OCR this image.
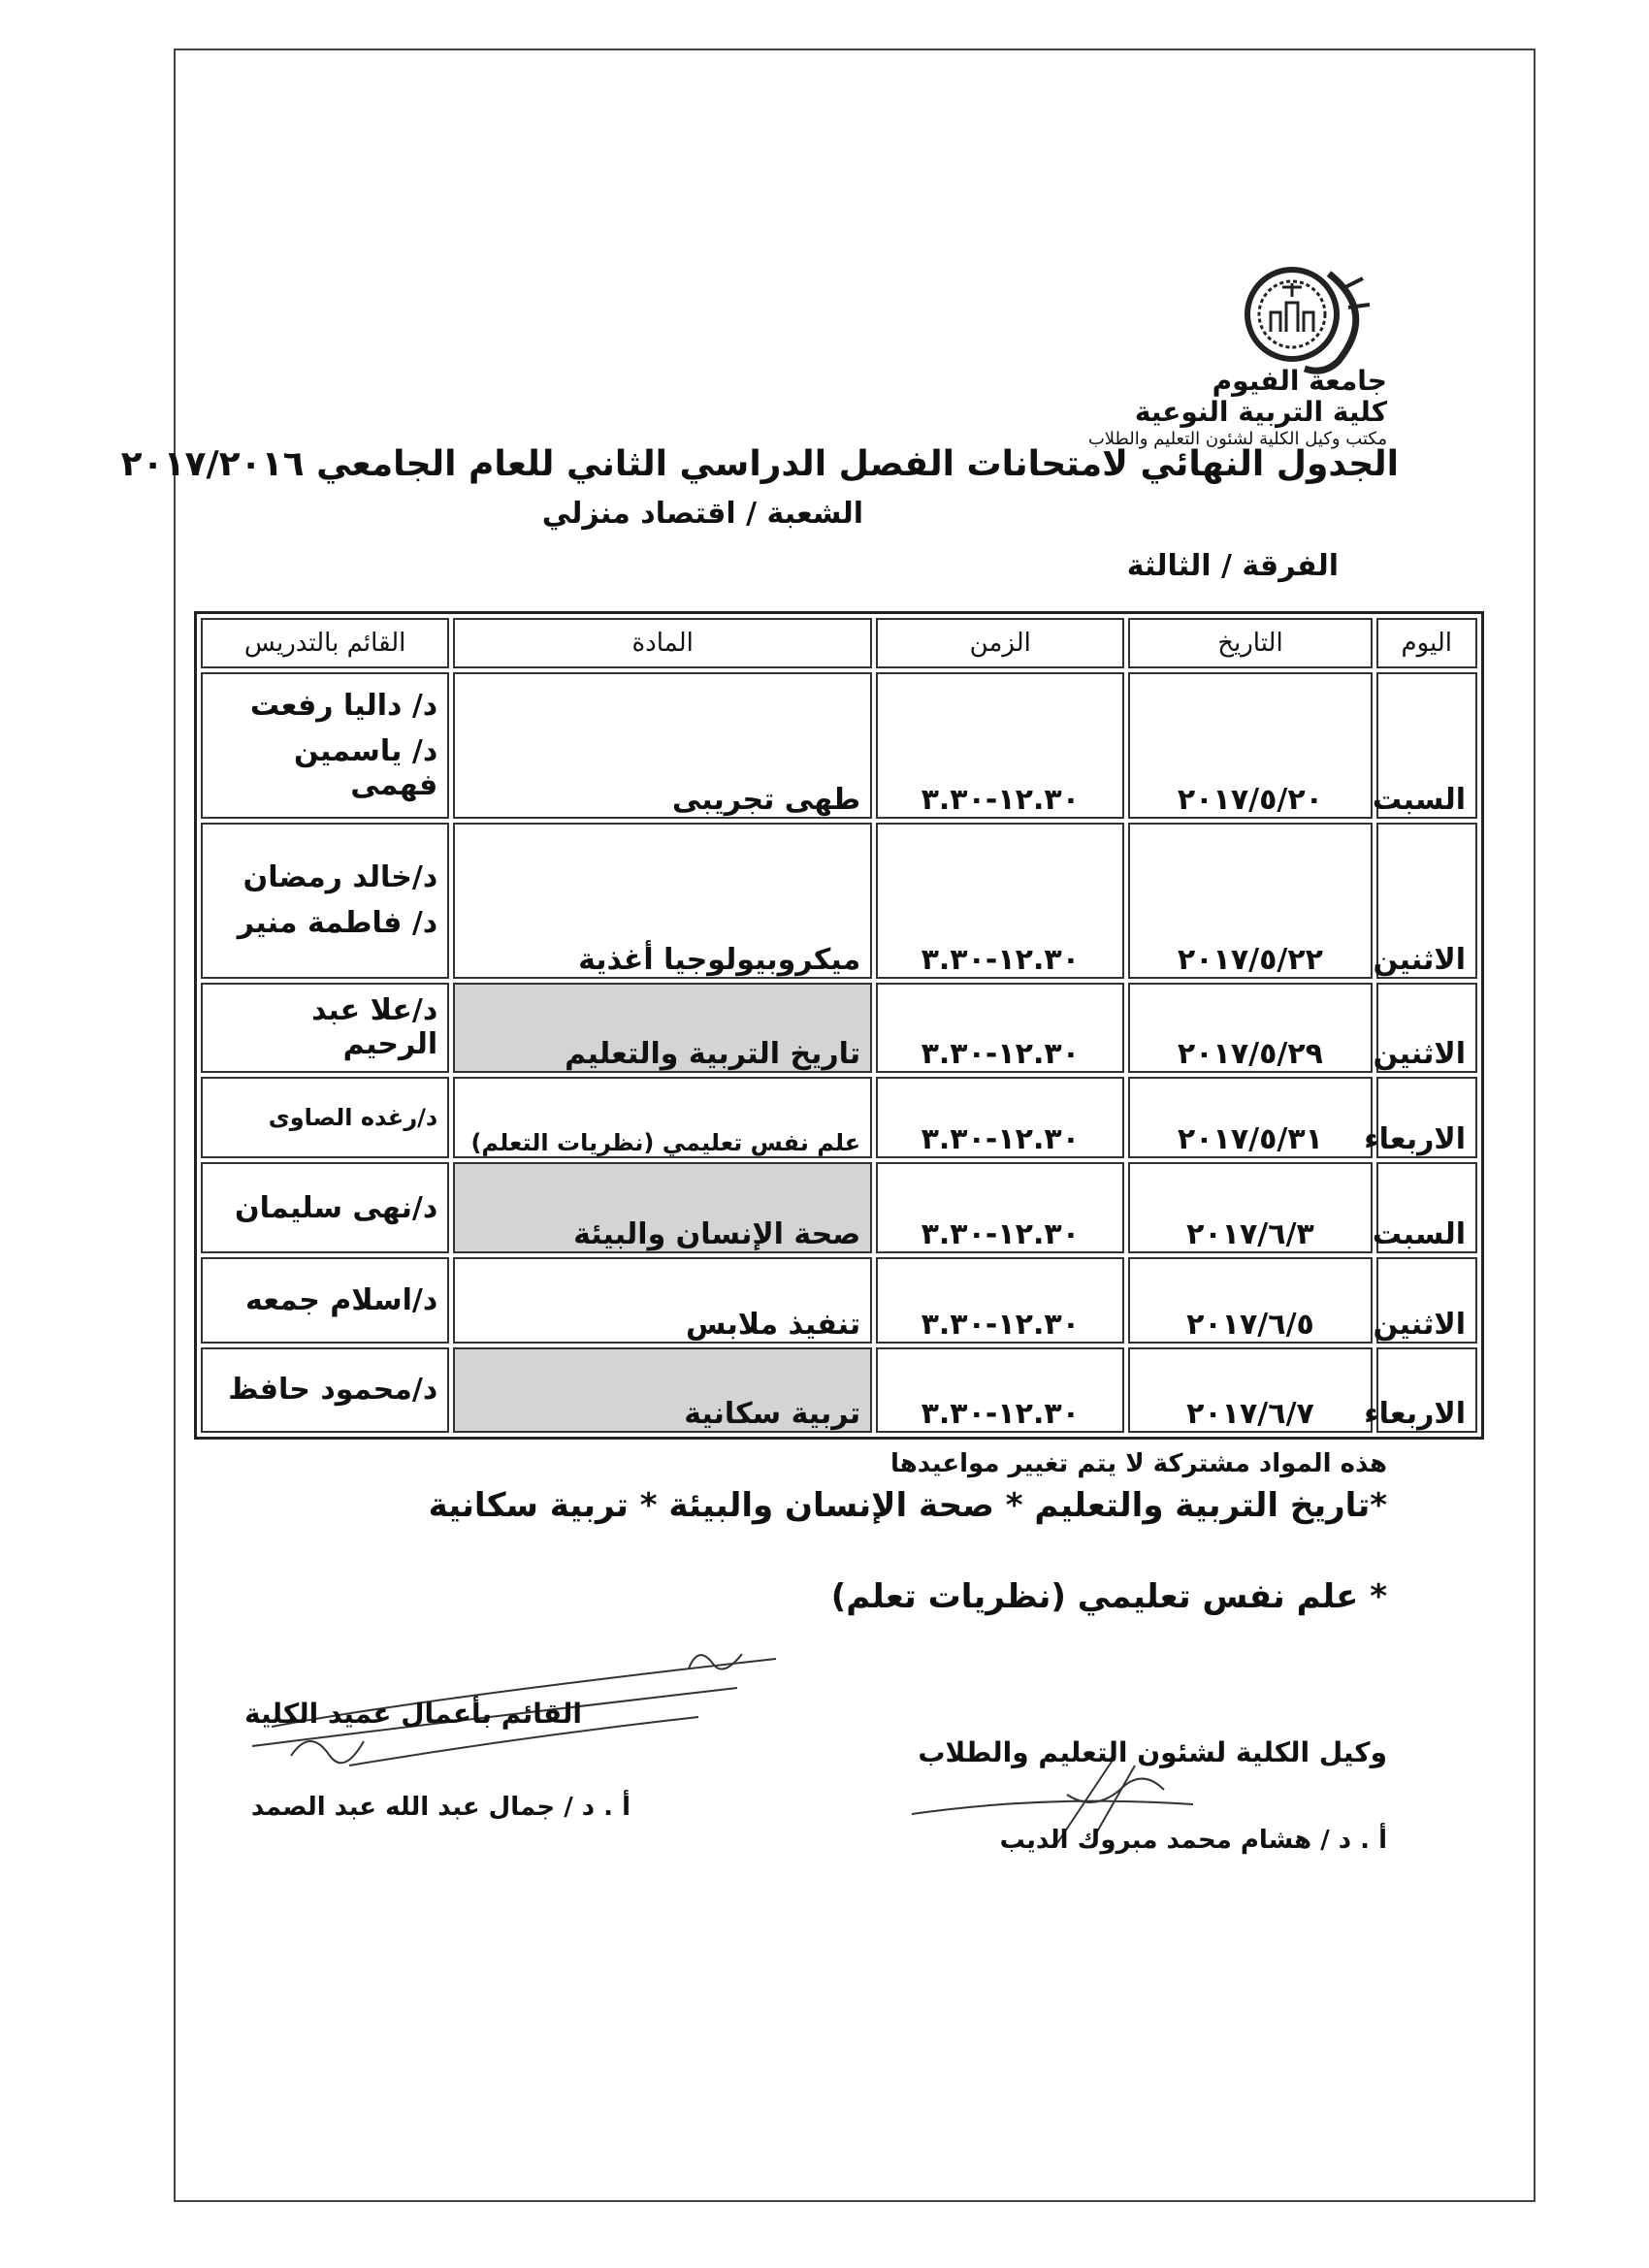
جامعة الفيوم
كلية التربية النوعية
مكتب وكيل الكلية لشئون التعليم والطلاب
الجدول النهائي لامتحانات الفصل الدراسي الثاني للعام الجامعي ٢٠١٧/٢٠١٦
الشعبة / اقتصاد منزلي
الفرقة / الثالثة
اليوم	التاريخ	الزمن	المادة	القائم بالتدريس
السبت	٢٠١٧/٥/٢٠	١٢.٣٠-٣.٣٠	طهى تجريبى	د/ داليا رفعت
د/ ياسمين فهمى

الاثنين	٢٠١٧/٥/٢٢	١٢.٣٠-٣.٣٠	ميكروبيولوجيا أغذية	د/خالد رمضان
د/ فاطمة منير

الاثنين	٢٠١٧/٥/٢٩	١٢.٣٠-٣.٣٠	تاريخ التربية والتعليم	د/علا عبد الرحيم

الاربعاء	٢٠١٧/٥/٣١	١٢.٣٠-٣.٣٠	علم نفس تعليمي (نظريات التعلم)	د/رغده الصاوى

السبت	٢٠١٧/٦/٣	١٢.٣٠-٣.٣٠	صحة الإنسان والبيئة	د/نهى سليمان

الاثنين	٢٠١٧/٦/٥	١٢.٣٠-٣.٣٠	تنفيذ ملابس	د/اسلام جمعه

الاربعاء	٢٠١٧/٦/٧	١٢.٣٠-٣.٣٠	تربية سكانية	د/محمود حافظ
هذه المواد مشتركة لا يتم تغيير مواعيدها
*تاريخ التربية والتعليم * صحة الإنسان والبيئة * تربية سكانية
* علم نفس تعليمي (نظريات تعلم)
القائم بأعمال عميد الكلية
أ . د / جمال عبد الله عبد الصمد
وكيل الكلية لشئون التعليم والطلاب
أ . د / هشام محمد مبروك الديب
